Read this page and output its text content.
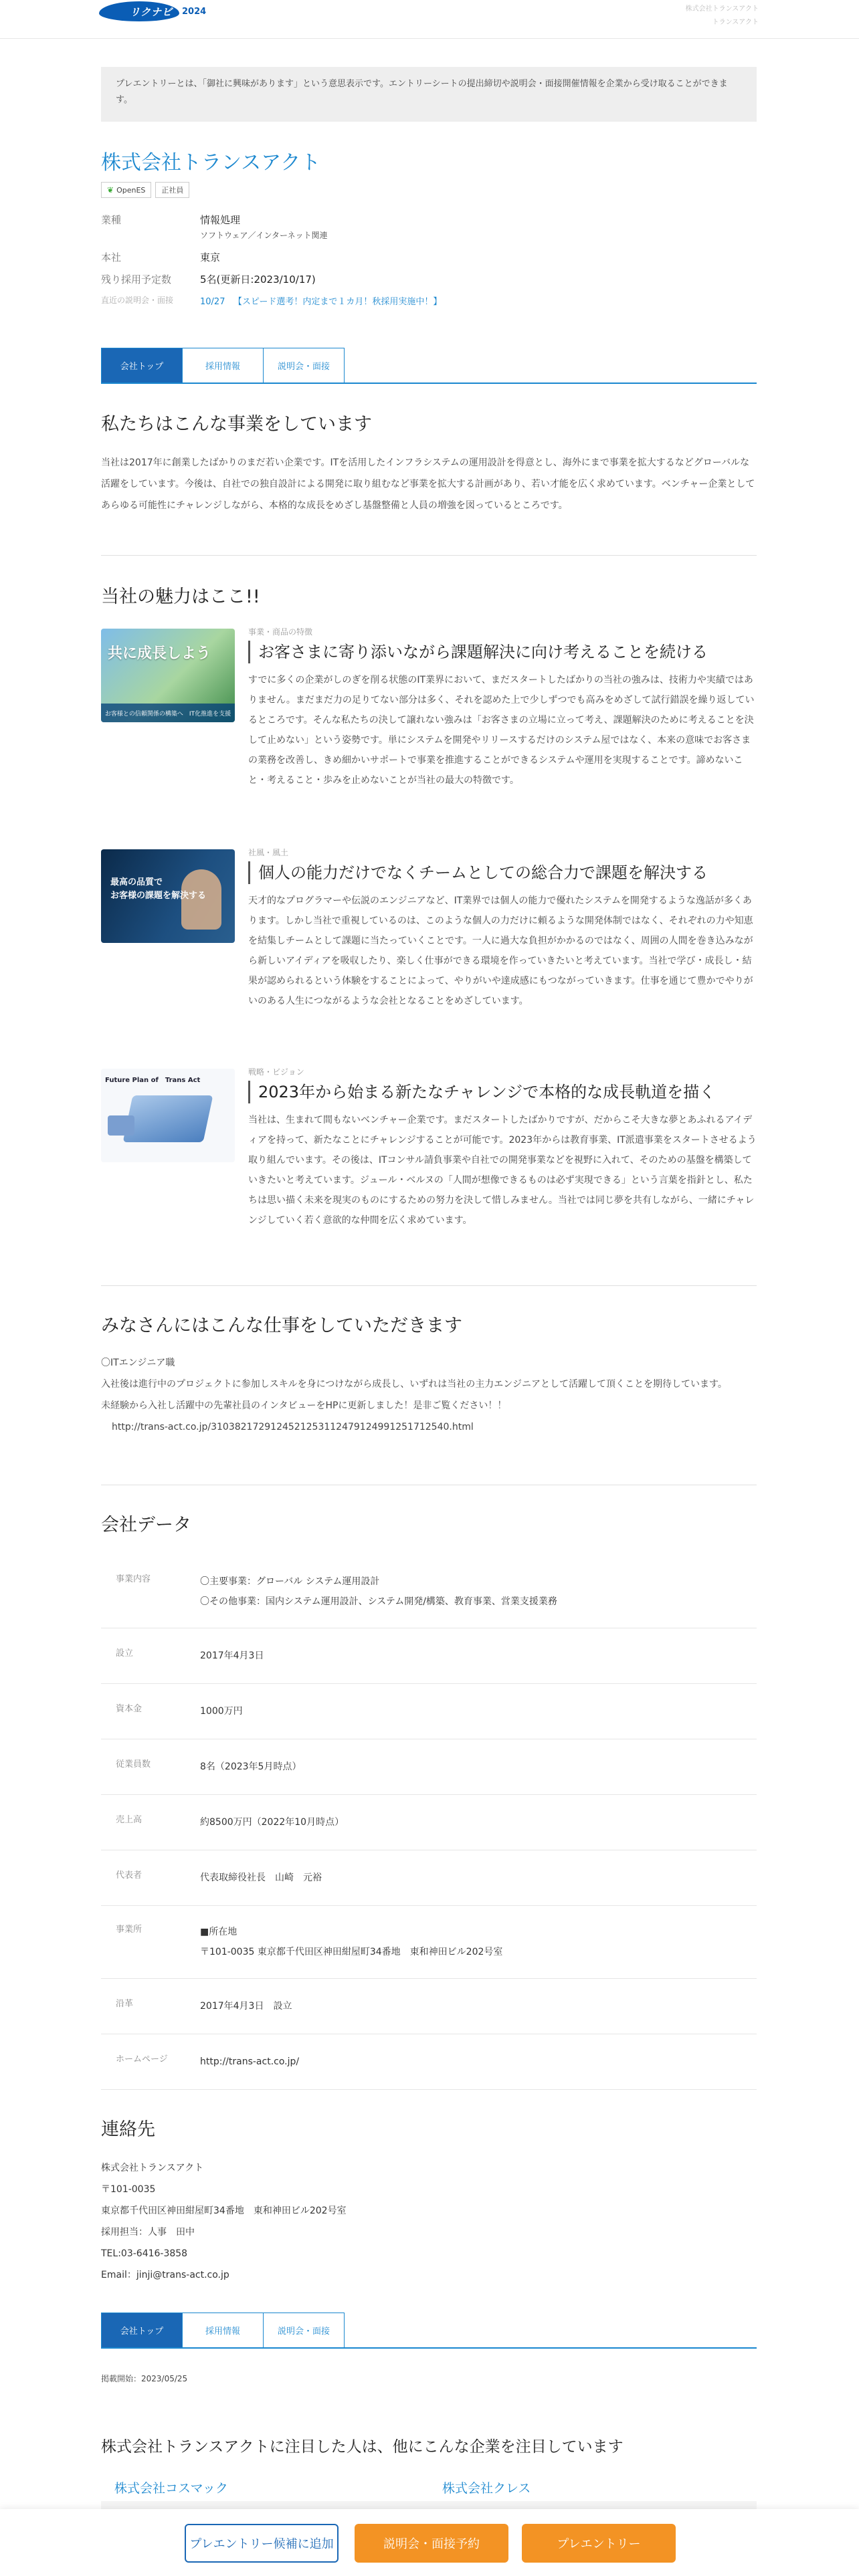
リクナビ 2024	株式会社トランスアクト
トランスアクト
プレエントリーとは、「御社に興味があります」という意思表示です。エントリーシートの提出締切や説明会・面接開催情報を企業から受け取ることができます。
株式会社トランスアクト
❦ OpenES 正社員
業種	情報処理
ソフトウェア／インターネット関連
本社	東京
残り採用予定数	5名(更新日:2023/10/17)
直近の説明会・面接	10/27 【スピード選考！内定まで１カ月！秋採用実施中！】
会社トップ	採用情報	説明会・面接
私たちはこんな事業をしています

当社は2017年に創業したばかりのまだ若い企業です。ITを活用したインフラシステムの運用設計を得意とし、海外にまで事業を拡大するなどグローバルな活躍をしています。今後は、自社での独自設計による開発に取り組むなど事業を拡大する計画があり、若い才能を広く求めています。ベンチャー企業としてあらゆる可能性にチャレンジしながら、本格的な成長をめざし基盤整備と人員の増強を図っているところです。

当社の魅力はここ!!
共に成長しよう
お客様との信頼関係の構築へ　IT化推進を支援
事業・商品の特徴
お客さまに寄り添いながら課題解決に向け考えることを続ける
すでに多くの企業がしのぎを削る状態のIT業界において、まだスタートしたばかりの当社の強みは、技術力や実績ではありません。まだまだ力の足りてない部分は多く、それを認めた上で少しずつでも高みをめざして試行錯誤を繰り返しているところです。そんな私たちの決して譲れない強みは「お客さまの立場に立って考え、課題解決のために考えることを決して止めない」という姿勢です。単にシステムを開発やリリースするだけのシステム屋ではなく、本来の意味でお客さまの業務を改善し、きめ細かいサポートで事業を推進することができるシステムや運用を実現することです。諦めないこと・考えること・歩みを止めないことが当社の最大の特徴です。
最高の品質で
お客様の課題を解決する
社風・風土
個人の能力だけでなくチームとしての総合力で課題を解決する
天才的なプログラマーや伝説のエンジニアなど、IT業界では個人の能力で優れたシステムを開発するような逸話が多くあります。しかし当社で重視しているのは、このような個人の力だけに頼るような開発体制ではなく、それぞれの力や知恵を結集しチームとして課題に当たっていくことです。一人に過大な負担がかかるのではなく、周囲の人間を巻き込みながら新しいアイディアを吸収したり、楽しく仕事ができる環境を作っていきたいと考えています。当社で学び・成長し・結果が認められるという体験をすることによって、やりがいや達成感にもつながっていきます。仕事を通じて豊かでやりがいのある人生につながるような会社となることをめざしています。
Future Plan of　Trans Act
戦略・ビジョン
2023年から始まる新たなチャレンジで本格的な成長軌道を描く
当社は、生まれて間もないベンチャー企業です。まだスタートしたばかりですが、だからこそ大きな夢とあふれるアイディアを持って、新たなことにチャレンジすることが可能です。2023年からは教育事業、IT派遣事業をスタートさせるよう取り組んでいます。その後は、ITコンサル請負事業や自社での開発事業などを視野に入れて、そのための基盤を構築していきたいと考えています。ジュール・ベルヌの「人間が想像できるものは必ず実現できる」という言葉を指針とし、私たちは思い描く未来を現実のものにするための努力を決して惜しみません。当社では同じ夢を共有しながら、一緒にチャレンジしていく若く意欲的な仲間を広く求めています。
みなさんにはこんな仕事をしていただきます
〇ITエンジニア職
入社後は進行中のプロジェクトに参加しスキルを身につけながら成長し、いずれは当社の主力エンジニアとして活躍して頂くことを期待しています。
未経験から入社し活躍中の先輩社員のインタビューをHPに更新しました！是非ご覧ください！！
http://trans-act.co.jp/31038217291245212531124791249912517125​40.html
会社データ
事業内容	〇主要事業：グローバル システム運用設計
〇その他事業：国内システム運用設計、システム開発/構築、教育事業、営業支援業務
設立	2017年4月3日
資本金	1000万円
従業員数	8名（2023年5月時点）
売上高	約8500万円（2022年10月時点）
代表者	代表取締役社長　山崎　元裕
事業所	■所在地
〒101-0035 東京都千代田区神田紺屋町34番地　東和神田ビル202号室
沿革	2017年4月3日　設立
ホームページ	http://trans-act.co.jp/
連絡先
株式会社トランスアクト
〒101-0035
東京都千代田区神田紺屋町34番地　東和神田ビル202号室
採用担当：人事　田中
TEL:03-6416-3858
Email：jinji@trans-act.co.jp
会社トップ	採用情報	説明会・面接
掲載開始：2023/05/25
株式会社トランスアクトに注目した人は、他にこんな企業を注目しています
株式会社コスマック	株式会社クレス
プレエントリー候補に追加	説明会・面接予約	プレエントリー
